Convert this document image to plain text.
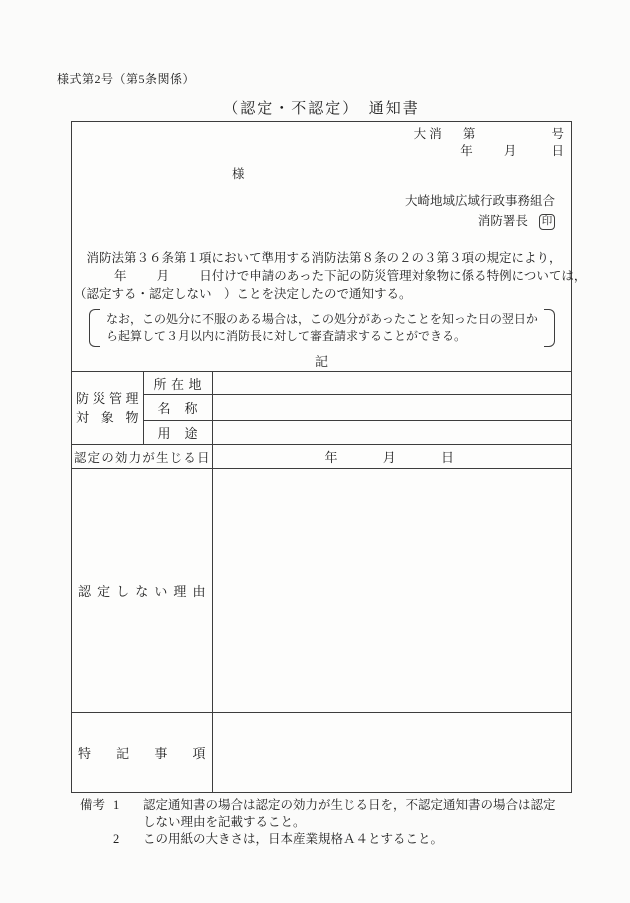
様式第2号（第5条関係）
（認定・不認定）　通知書
大 消 第	号
年 月	日
様
大崎地域広域行政事務組合
消防署長 印
　消防法第３６条第１項において準用する消防法第８条の２の３第３項の規定により，
年 月 日付けで申請のあった下記の防災管理対象物に係る特例については，
（認定する・認定しない　）ことを決定したので通知する。
なお，この処分に不服のある場合は，この処分があったことを知った日の翌日か
ら起算して３月以内に消防長に対して審査請求することができる。
記
防災管理
対象物	所在地	
	名称	
	用途	
認定の効力が生じる日		年 月 日
認定しない理由		
特記事項		
備考 1	認定通知書の場合は認定の効力が生じる日を，不認定通知書の場合は認定しない理由を記載すること。
2	この用紙の大きさは，日本産業規格Ａ４とすること。
